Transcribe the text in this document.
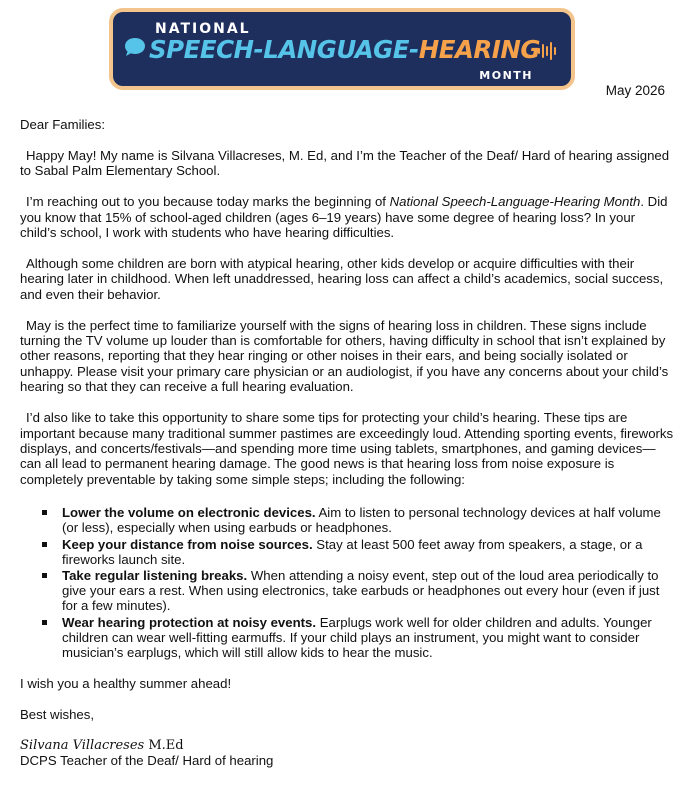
NATIONAL
SPEECH-LANGUAGE-HEARING
MONTH
May 2026

Dear Families:

Happy May! My name is Silvana Villacreses, M. Ed, and I’m the Teacher of the Deaf/ Hard of hearing assigned to Sabal Palm Elementary School.

I’m reaching out to you because today marks the beginning of National Speech-Language-Hearing Month. Did you know that 15% of school-aged children (ages 6–19 years) have some degree of hearing loss? In your child’s school, I work with students who have hearing difficulties.

Although some children are born with atypical hearing, other kids develop or acquire difficulties with their hearing later in childhood. When left unaddressed, hearing loss can affect a child’s academics, social success, and even their behavior.

May is the perfect time to familiarize yourself with the signs of hearing loss in children. These signs include turning the TV volume up louder than is comfortable for others, having difficulty in school that isn’t explained by other reasons, reporting that they hear ringing or other noises in their ears, and being socially isolated or unhappy. Please visit your primary care physician or an audiologist, if you have any concerns about your child’s hearing so that they can receive a full hearing evaluation.

I’d also like to take this opportunity to share some tips for protecting your child’s hearing. These tips are important because many traditional summer pastimes are exceedingly loud. Attending sporting events, fireworks displays, and concerts/festivals—and spending more time using tablets, smartphones, and gaming devices—can all lead to permanent hearing damage. The good news is that hearing loss from noise exposure is completely preventable by taking some simple steps; including the following:

Lower the volume on electronic devices. Aim to listen to personal technology devices at half volume (or less), especially when using earbuds or headphones.
Keep your distance from noise sources. Stay at least 500 feet away from speakers, a stage, or a fireworks launch site.
Take regular listening breaks. When attending a noisy event, step out of the loud area periodically to give your ears a rest. When using electronics, take earbuds or headphones out every hour (even if just for a few minutes).
Wear hearing protection at noisy events. Earplugs work well for older children and adults. Younger children can wear well-fitting earmuffs. If your child plays an instrument, you might want to consider musician’s earplugs, which will still allow kids to hear the music.

I wish you a healthy summer ahead!

Best wishes,

Silvana Villacreses M.Ed

DCPS Teacher of the Deaf/ Hard of hearing
